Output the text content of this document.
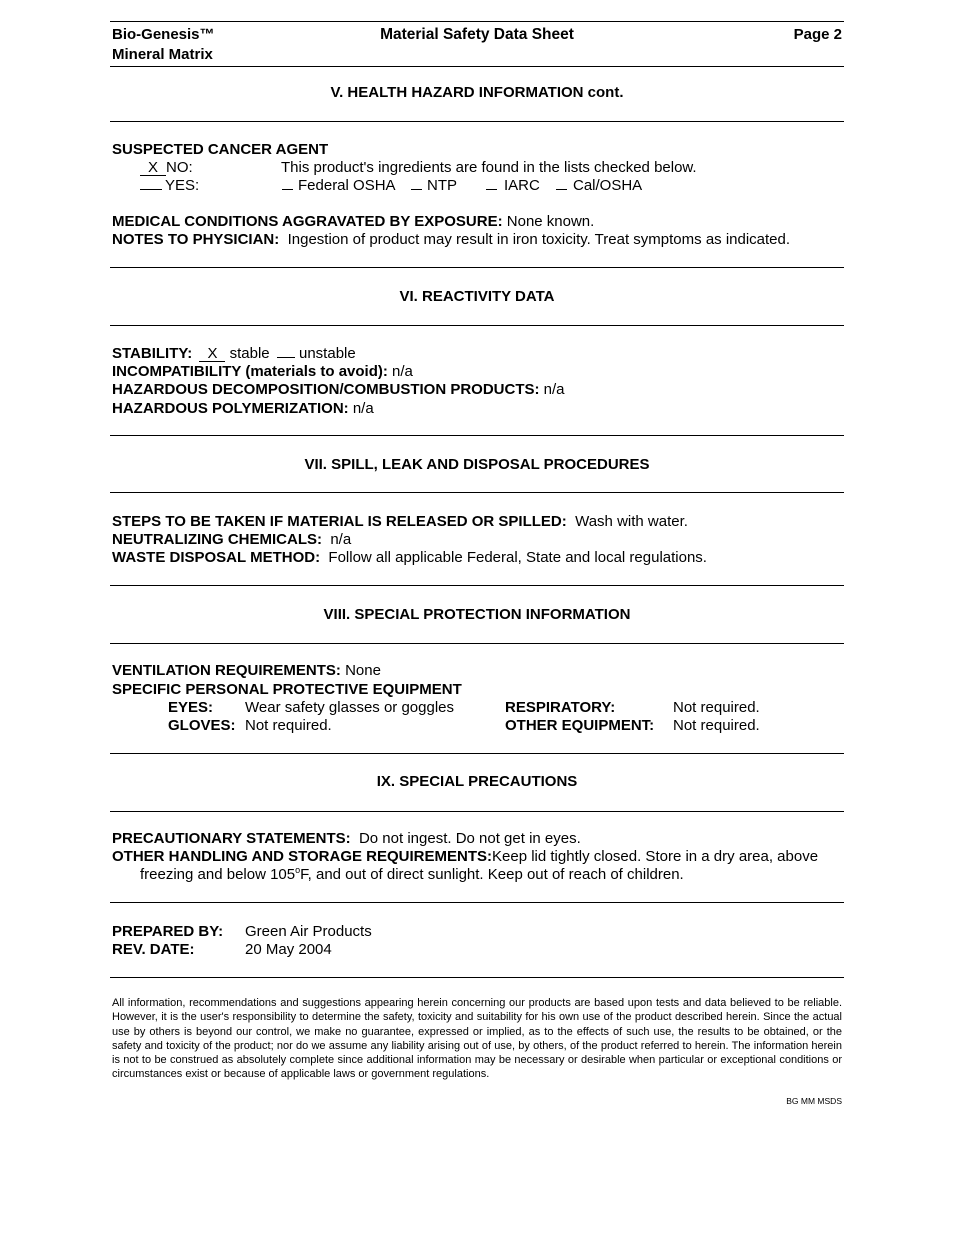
Bio-Genesis™
Mineral Matrix
Material Safety Data Sheet	Page 2
V. HEALTH HAZARD INFORMATION cont.
SUSPECTED CANCER AGENT
X NO:	This product's ingredients are found in the lists checked below.
YES:	Federal OSHA	NTP	IARC	Cal/OSHA
MEDICAL CONDITIONS AGGRAVATED BY EXPOSURE: None known.
NOTES TO PHYSICIAN: Ingestion of product may result in iron toxicity. Treat symptoms as indicated.
VI. REACTIVITY DATA
STABILITY: X stable unstable
INCOMPATIBILITY (materials to avoid): n/a
HAZARDOUS DECOMPOSITION/COMBUSTION PRODUCTS: n/a
HAZARDOUS POLYMERIZATION: n/a
VII. SPILL, LEAK AND DISPOSAL PROCEDURES
STEPS TO BE TAKEN IF MATERIAL IS RELEASED OR SPILLED: Wash with water.
NEUTRALIZING CHEMICALS: n/a
WASTE DISPOSAL METHOD: Follow all applicable Federal, State and local regulations.
VIII. SPECIAL PROTECTION INFORMATION
VENTILATION REQUIREMENTS: None
SPECIFIC PERSONAL PROTECTIVE EQUIPMENT
EYES: Wear safety glasses or goggles
GLOVES: Not required.
RESPIRATORY:	Not required.
OTHER EQUIPMENT: Not required.
IX. SPECIAL PRECAUTIONS
PRECAUTIONARY STATEMENTS: Do not ingest. Do not get in eyes.
OTHER HANDLING AND STORAGE REQUIREMENTS:Keep lid tightly closed. Store in a dry area, above
freezing and below 105$^o$F, and out of direct sunlight. Keep out of reach of children.
PREPARED BY: Green Air Products
REV. DATE:	20 May 2004
All information, recommendations and suggestions appearing herein concerning our products are based upon tests and data believed to be reliable. However, it is the user's responsibility to determine the safety, toxicity and suitability for his own use of the product described herein. Since the actual use by others is beyond our control, we make no guarantee, expressed or implied, as to the effects of such use, the results to be obtained, or the safety and toxicity of the product; nor do we assume any liability arising out of use, by others, of the product referred to herein. The information herein is not to be construed as absolutely complete since additional information may be necessary or desirable when particular or exceptional conditions or circumstances exist or because of applicable laws or government regulations.
BG MM MSDS
